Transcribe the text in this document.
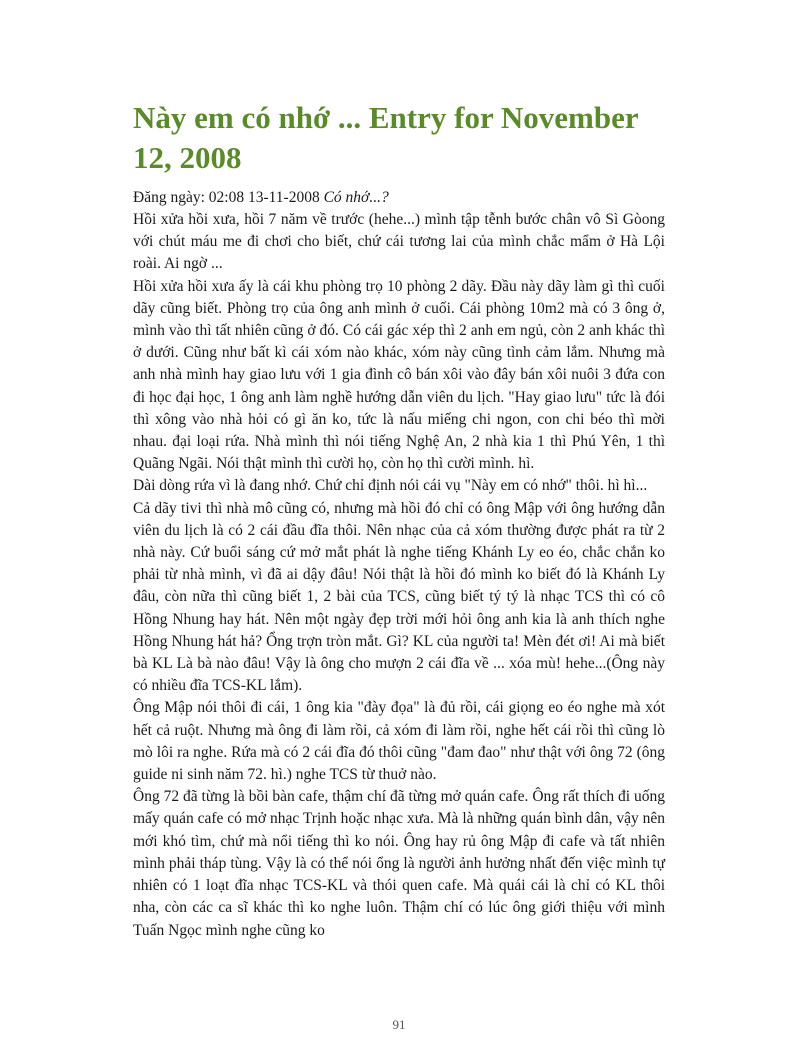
Này em có nhớ ... Entry for November 12, 2008
Đăng ngày: 02:08 13-11-2008 Có nhớ...?

Hồi xửa hồi xưa, hồi 7 năm về trước (hehe...) mình tập tễnh bước chân vô Sì Gòong với chút máu me đi chơi cho biết, chứ cái tương lai của mình chắc mẩm ở Hà Lội roài. Ai ngờ ...

Hồi xửa hồi xưa ấy là cái khu phòng trọ 10 phòng 2 dãy. Đầu này dãy làm gì thì cuối dãy cũng biết. Phòng trọ của ông anh mình ở cuối. Cái phòng 10m2 mà có 3 ông ở, mình vào thì tất nhiên cũng ở đó. Có cái gác xép thì 2 anh em ngủ, còn 2 anh khác thì ở dưới. Cũng như bất kì cái xóm nào khác, xóm này cũng tình cảm lắm. Nhưng mà anh nhà mình hay giao lưu với 1 gia đình cô bán xôi vào đây bán xôi nuôi 3 đứa con đi học đại học, 1 ông anh làm nghề hướng dẫn viên du lịch. "Hay giao lưu" tức là đói thì xông vào nhà hỏi có gì ăn ko, tức là nấu miếng chi ngon, con chi béo thì mời nhau. đại loại rứa. Nhà mình thì nói tiếng Nghệ An, 2 nhà kia 1 thì Phú Yên, 1 thì Quãng Ngãi. Nói thật mình thì cười họ, còn họ thì cười mình. hì.

Dài dòng rứa vì là đang nhớ. Chứ chỉ định nói cái vụ "Này em có nhớ" thôi. hì hì...

Cả dãy tivi thì nhà mô cũng có, nhưng mà hồi đó chỉ có ông Mập với ông hướng dẫn viên du lịch là có 2 cái đầu đĩa thôi. Nên nhạc của cả xóm thường được phát ra từ 2 nhà này. Cứ buổi sáng cứ mở mắt phát là nghe tiếng Khánh Ly eo éo, chắc chắn ko phải từ nhà mình, vì đã ai dậy đâu! Nói thật là hồi đó mình ko biết đó là Khánh Ly đâu, còn nữa thì cũng biết 1, 2 bài của TCS, cũng biết tý tý là nhạc TCS thì có cô Hồng Nhung hay hát. Nên một ngày đẹp trời mới hỏi ông anh kia là anh thích nghe Hồng Nhung hát hả? Ổng trợn tròn mắt. Gì? KL của người ta! Mèn đét ơi! Ai mà biết bà KL Là bà nào đâu! Vậy là ông cho mượn 2 cái đĩa về ... xóa mù! hehe...(Ông này có nhiều đĩa TCS-KL lắm).

Ông Mập nói thôi đi cái, 1 ông kia "đày đọa" là đủ rồi, cái giọng eo éo nghe mà xót hết cả ruột. Nhưng mà ông đi làm rồi, cả xóm đi làm rồi, nghe hết cái rồi thì cũng lò mò lôi ra nghe. Rứa mà có 2 cái đĩa đó thôi cũng "đam đao" như thật với ông 72 (ông guide ni sinh năm 72. hì.) nghe TCS từ thuở nào.

Ông 72 đã từng là bồi bàn cafe, thậm chí đã từng mở quán cafe. Ông rất thích đi uống mấy quán cafe có mở nhạc Trịnh hoặc nhạc xưa. Mà là những quán bình dân, vậy nên mới khó tìm, chứ mà nổi tiếng thì ko nói. Ông hay rủ ông Mập đi cafe và tất nhiên mình phải tháp tùng. Vậy là có thể nói ổng là người ảnh hưởng nhất đến việc mình tự nhiên có 1 loạt đĩa nhạc TCS-KL và thói quen cafe. Mà quái cái là chỉ có KL thôi nha, còn các ca sĩ khác thì ko nghe luôn. Thậm chí có lúc ông giới thiệu với mình Tuấn Ngọc mình nghe cũng ko

91
